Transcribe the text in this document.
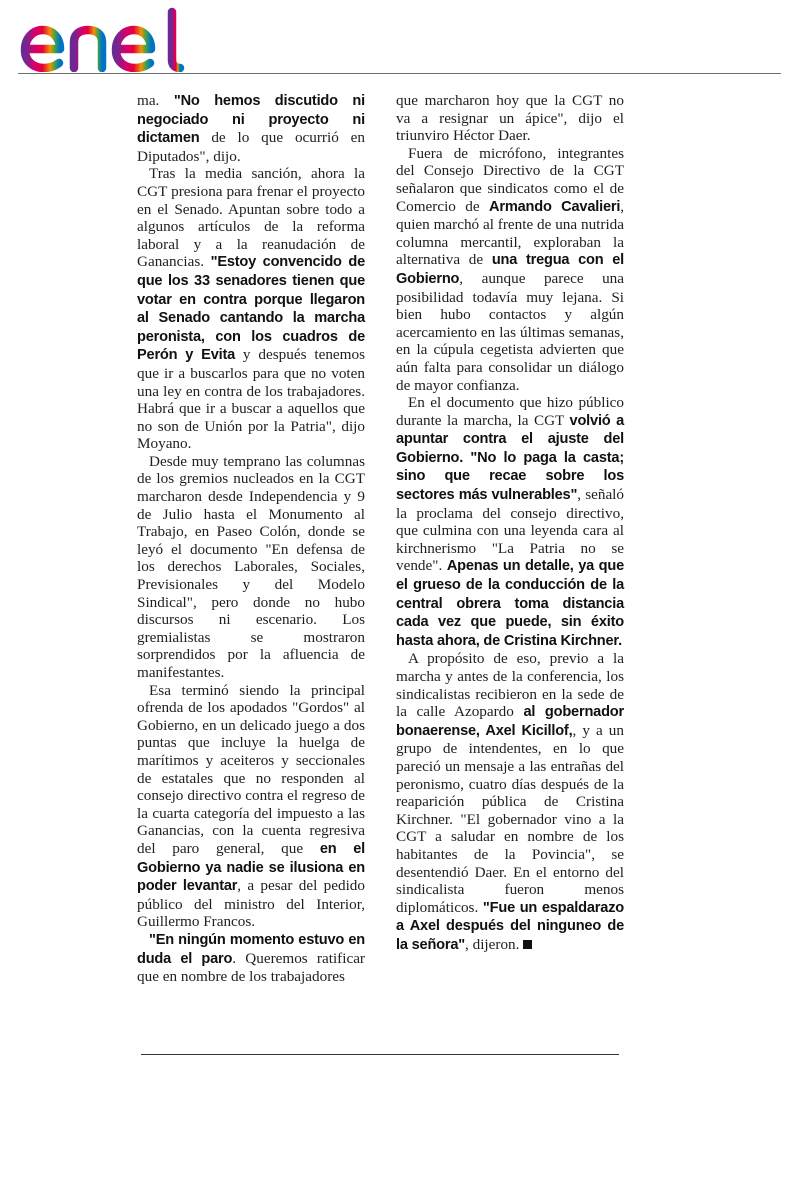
ma. "No hemos discutido ni negociado ni proyecto ni dictamen de lo que ocurrió en Diputados", dijo.

Tras la media sanción, ahora la CGT presiona para frenar el proyecto en el Senado. Apuntan sobre todo a algunos artículos de la reforma laboral y a la reanudación de Ganancias. "Estoy convencido de que los 33 senadores tienen que votar en contra porque llegaron al Senado cantando la marcha peronista, con los cuadros de Perón y Evita y después tenemos que ir a buscarlos para que no voten una ley en contra de los trabajadores. Habrá que ir a buscar a aquellos que no son de Unión por la Patria", dijo Moyano.

Desde muy temprano las columnas de los gremios nucleados en la CGT marcharon desde Independencia y 9 de Julio hasta el Monumento al Trabajo, en Paseo Colón, donde se leyó el documento "En defensa de los derechos Laborales, Sociales, Previsionales y del Modelo Sindical", pero donde no hubo discursos ni escenario. Los gremialistas se mostraron sorprendidos por la afluencia de manifestantes.

Esa terminó siendo la principal ofrenda de los apodados "Gordos" al Gobierno, en un delicado juego a dos puntas que incluye la huelga de marítimos y aceiteros y seccionales de estatales que no responden al consejo directivo contra el regreso de la cuarta categoría del impuesto a las Ganancias, con la cuenta regresiva del paro general, que en el Gobierno ya nadie se ilusiona en poder levantar, a pesar del pedido público del ministro del Interior, Guillermo Francos.

"En ningún momento estuvo en duda el paro. Queremos ratificar que en nombre de los trabajadores

que marcharon hoy que la CGT no va a resignar un ápice", dijo el triunviro Héctor Daer.

Fuera de micrófono, integrantes del Consejo Directivo de la CGT señalaron que sindicatos como el de Comercio de Armando Cavalieri, quien marchó al frente de una nutrida columna mercantil, exploraban la alternativa de una tregua con el Gobierno, aunque parece una posibilidad todavía muy lejana. Si bien hubo contactos y algún acercamiento en las últimas semanas, en la cúpula cegetista advierten que aún falta para consolidar un diálogo de mayor confianza.

En el documento que hizo público durante la marcha, la CGT volvió a apuntar contra el ajuste del Gobierno. "No lo paga la casta; sino que recae sobre los sectores más vulnerables", señaló la proclama del consejo directivo, que culmina con una leyenda cara al kirchnerismo "La Patria no se vende". Apenas un detalle, ya que el grueso de la conducción de la central obrera toma distancia cada vez que puede, sin éxito hasta ahora, de Cristina Kirchner.

A propósito de eso, previo a la marcha y antes de la conferencia, los sindicalistas recibieron en la sede de la calle Azopardo al gobernador bonaerense, Axel Kicillof,, y a un grupo de intendentes, en lo que pareció un mensaje a las entrañas del peronismo, cuatro días después de la reaparición pública de Cristina Kirchner. "El gobernador vino a la CGT a saludar en nombre de los habitantes de la Povincia", se desentendió Daer. En el entorno del sindicalista fueron menos diplomáticos. "Fue un espaldarazo a Axel después del ninguneo de la señora", dijeron.
